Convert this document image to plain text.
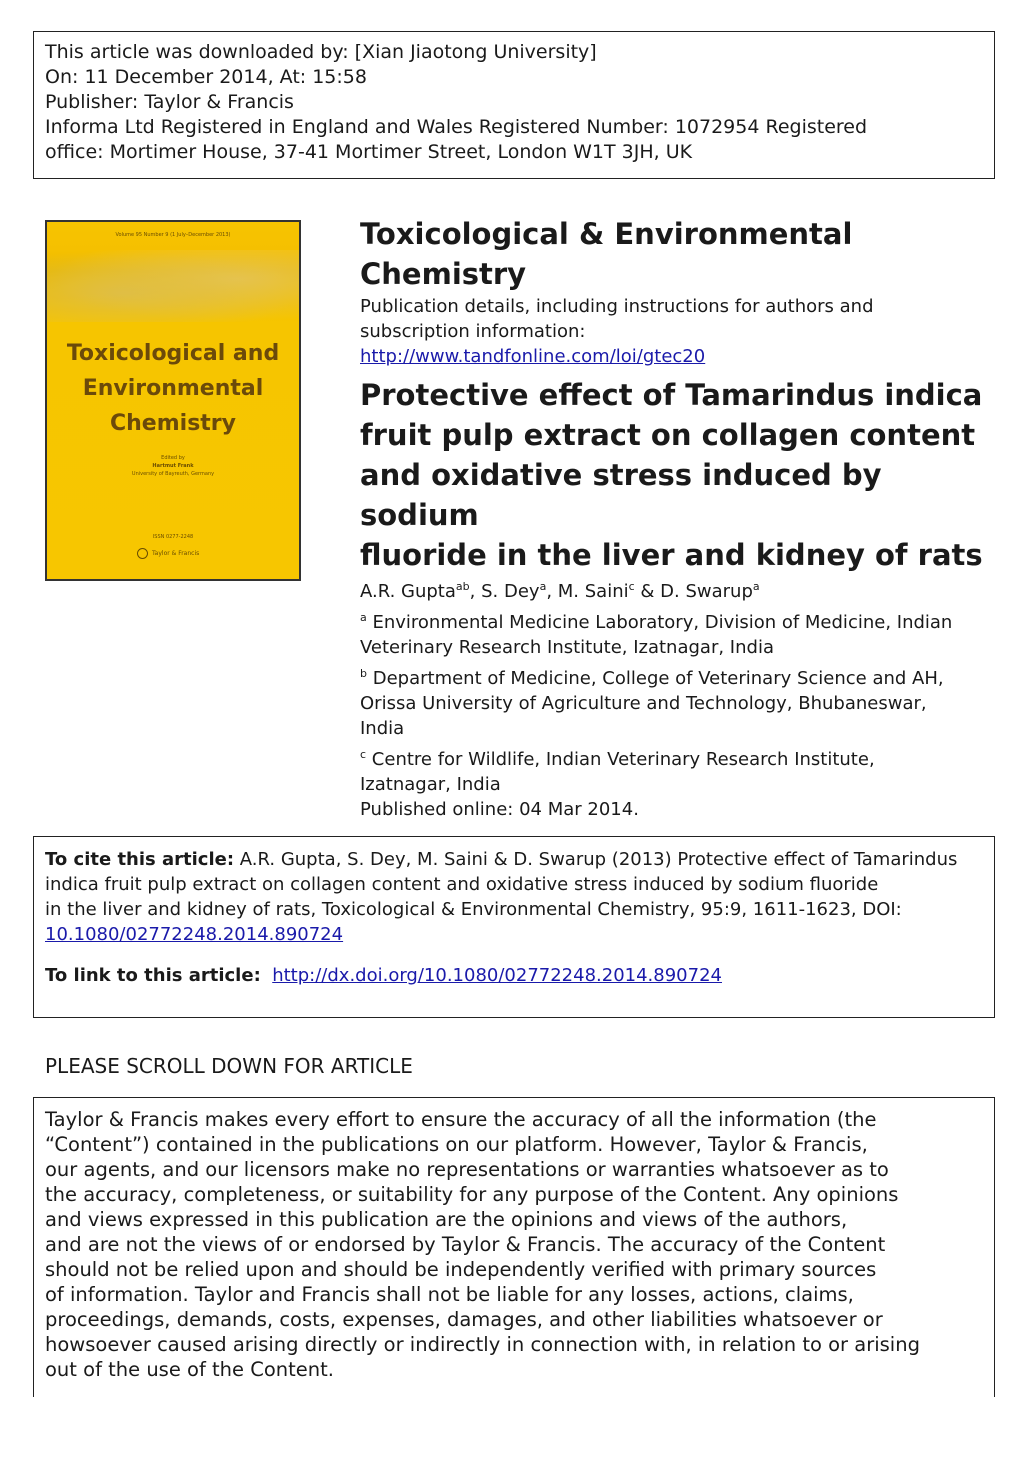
This article was downloaded by: [Xian Jiaotong University]
On: 11 December 2014, At: 15:58
Publisher: Taylor & Francis
Informa Ltd Registered in England and Wales Registered Number: 1072954 Registered
office: Mortimer House, 37-41 Mortimer Street, London W1T 3JH, UK
Volume 95 Number 9 (1 July–December 2013)
Toxicological and
Environmental
Chemistry
Edited by
Hartmut Frank
University of Bayreuth, Germany
ISSN 0277-2248
Taylor & Francis
Toxicological & Environmental
Chemistry
Publication details, including instructions for authors and
subscription information:
http://www.tandfonline.com/loi/gtec20
Protective effect of Tamarindus indica
fruit pulp extract on collagen content
and oxidative stress induced by sodium
fluoride in the liver and kidney of rats
A.R. Gupta$^{ab}$, S. Dey$^a$, M. Saini$^c$ & D. Swarup$^a$
$^a$ Environmental Medicine Laboratory, Division of Medicine, Indian
Veterinary Research Institute, Izatnagar, India
$^b$ Department of Medicine, College of Veterinary Science and AH,
Orissa University of Agriculture and Technology, Bhubaneswar,
India
$^c$ Centre for Wildlife, Indian Veterinary Research Institute,
Izatnagar, India
Published online: 04 Mar 2014.
To cite this article: A.R. Gupta, S. Dey, M. Saini & D. Swarup (2013) Protective effect of Tamarindus
indica fruit pulp extract on collagen content and oxidative stress induced by sodium fluoride
in the liver and kidney of rats, Toxicological & Environmental Chemistry, 95:9, 1611-1623, DOI:
10.1080/02772248.2014.890724
To link to this article: http://dx.doi.org/10.1080/02772248.2014.890724
PLEASE SCROLL DOWN FOR ARTICLE
Taylor & Francis makes every effort to ensure the accuracy of all the information (the
“Content”) contained in the publications on our platform. However, Taylor & Francis,
our agents, and our licensors make no representations or warranties whatsoever as to
the accuracy, completeness, or suitability for any purpose of the Content. Any opinions
and views expressed in this publication are the opinions and views of the authors,
and are not the views of or endorsed by Taylor & Francis. The accuracy of the Content
should not be relied upon and should be independently verified with primary sources
of information. Taylor and Francis shall not be liable for any losses, actions, claims,
proceedings, demands, costs, expenses, damages, and other liabilities whatsoever or
howsoever caused arising directly or indirectly in connection with, in relation to or arising
out of the use of the Content.
